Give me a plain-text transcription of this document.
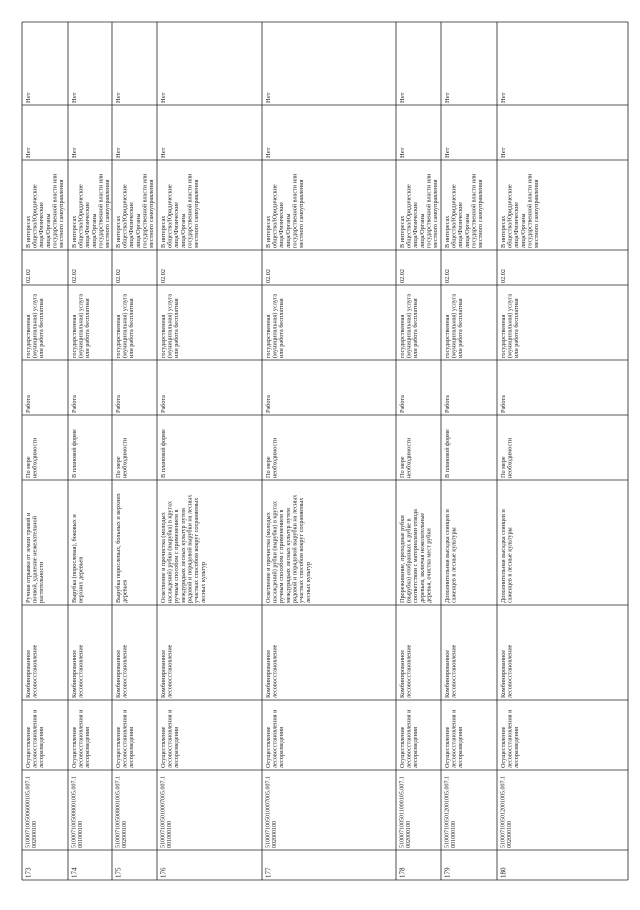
173
5100071005006000105.007.1002000100
Осуществлениелесовосстановления илесоразведения
Комбинированноелесовосстановление
Ручная отрывка от земли травой ипочвой, удаление нежелательнойрастительности
По меренеобходимости
Работа
государственная(муниципальная) услугаили работа бесплатная
02.02
В интересахобщества/Юридическиелица/Физическиелица/Органыгосударственной власти илиместного самоуправления
Нет
Нет
174
5100071005008001005.007.1001000100
Осуществлениелесовосстановления илесоразведения
Комбинированноелесовосстановление
Вырубка (порослевая), боковых иверхних деревьев
В плановой форме
Работа
государственная(муниципальная) услугаили работа бесплатная
02.02
В интересахобщества/Юридическиелица/Физическиелица/Органыгосударственной власти илиместного самоуправления
Нет
Нет
175
5100071005008001005.007.1002000100
Осуществлениелесовосстановления илесоразведения
Комбинированноелесовосстановление
Вырубка порослевых, больных и верхнихдеревьев
По меренеобходимости
Работа
государственная(муниципальная) услугаили работа бесплатная
02.02
В интересахобщества/Юридическиелица/Физическиелица/Органыгосударственной власти илиместного самоуправления
Нет
Нет
176
5100071005010007005.007.1001000100
Осуществлениелесовосстановления илесоразведения
Комбинированноелесовосстановление
Осветление и прочистка (молодыхнасаждений) рубки (вырубка) в кругахручным способом с применением вмеждурядьях лесных культур путемрядовой и порядовой вырубки на лесныхучастках способом вокруг сохраняемыхлесных культур
В плановой форме
Работа
государственная(муниципальная) услугаили работа бесплатная
02.02
В интересахобщества/Юридическиелица/Физическиелица/Органыгосударственной власти илиместного самоуправления
Нет
Нет
177
5100071005010007005.007.1002000100
Осуществлениелесовосстановления илесоразведения
Комбинированноелесовосстановление
Осветление и прочистка (молодыхнасаждений) рубки (вырубка) в кругахручным способом с применением вмеждурядьях лесных культур путемрядовой и порядовой вырубки на лесныхучастках способом вокруг сохраняемыхлесных культур
По меренеобходимости
Работа
государственная(муниципальная) услугаили работа бесплатная
02.02
В интересахобщества/Юридическиелица/Физическиелица/Органыгосударственной власти илиместного самоуправления
Нет
Нет
178
5100071005011000105.007.1002000100
Осуществлениелесовосстановления илесоразведения
Комбинированноелесовосстановление
Прореживание, проходные рубки(вырубка) отобранных к рубке всоответствии с материалами отводадеревьев, включая нежелательныедеревья, очистка мест рубки
По меренеобходимости
Работа
государственная(муниципальная) услугаили работа бесплатная
02.02
В интересахобщества/Юридическиелица/Физическиелица/Органыгосударственной власти илиместного самоуправления
Нет
Нет
179
5100071005012001005.007.1001000100
Осуществлениелесовосстановления илесоразведения
Комбинированноелесовосстановление
Дополнительная высадка сеянцев исаженцев в лесные культуры
В плановой форме
Работа
государственная(муниципальная) услугаили работа бесплатная
02.02
В интересахобщества/Юридическиелица/Физическиелица/Органыгосударственной власти илиместного самоуправления
Нет
Нет
180
5100071005012001005.007.1002000100
Осуществлениелесовосстановления илесоразведения
Комбинированноелесовосстановление
Дополнительная высадка сеянцев исаженцев в лесные культуры
По меренеобходимости
Работа
государственная(муниципальная) услугаили работа бесплатная
02.02
В интересахобщества/Юридическиелица/Физическиелица/Органыгосударственной власти илиместного самоуправления
Нет
Нет
